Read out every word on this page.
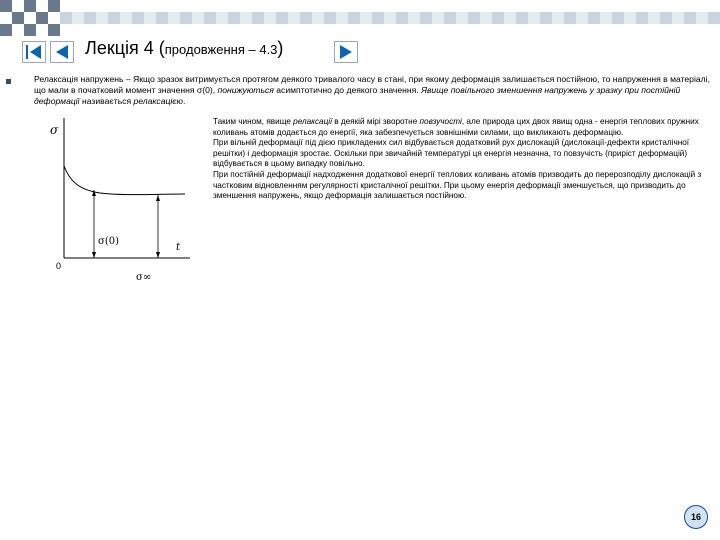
Лекція 4 (продовження – 4.3)
Релаксація напружень – Якщо зразок витримується протягом деякого тривалого часу в стані, при якому деформація залишається постійною, то напруження в матеріалі, що мали в початковий момент значення σ(0), понижуються асимптотично до деякого значення. Явище повільного зменшення напружень у зразку при постійній деформації називається релаксацією.
σ
0
σ(0)
t
σ∞

Таким чином, явище релаксації в деякій мірі зворотне повзучості, але природа цих двох явищ одна - енергія теплових пружних коливань атомів додається до енергії, яка забезпечується зовнішніми силами, що викликають деформацію.

При вільній деформації під дією прикладених сил відбувається додатковий рух дислокацій (дислокації-дефекти кристалічної решітки) і деформація зростає. Оскільки при звичайній температурі ця енергія незначна, то повзучість (приріст деформацій) відбувається в цьому випадку повільно.

При постійній деформації надходження додаткової енергії теплових коливань атомів призводить до перерозподілу дислокацій з частковим відновленням регулярності кристалічної решітки. При цьому енергія деформації зменшується, що призводить до зменшення напружень, якщо деформація залишається постійною.

16
